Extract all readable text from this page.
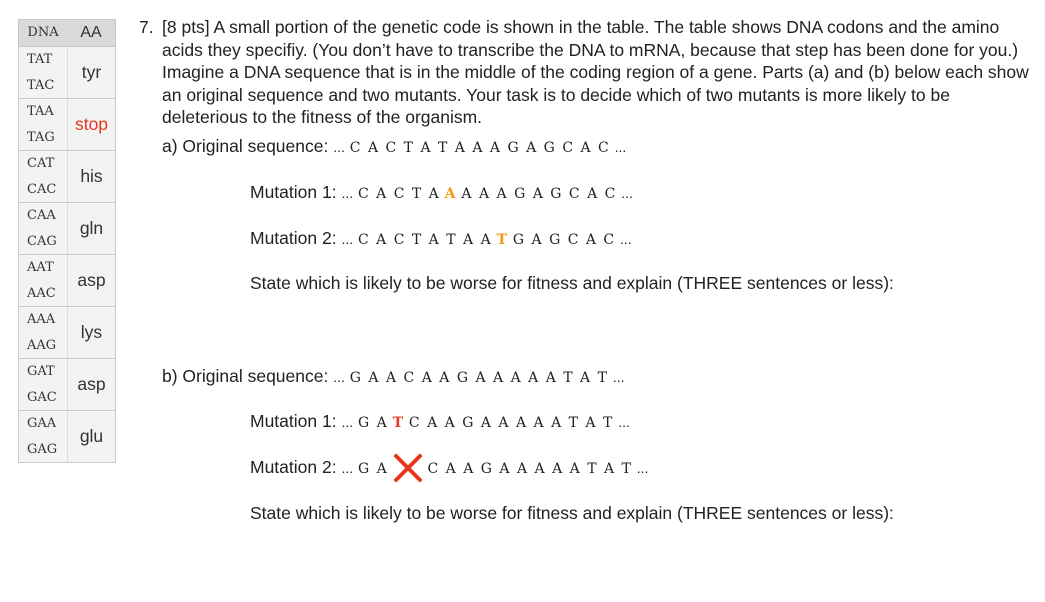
DNA	AA
TAT
TAC
tyr
TAA
TAG
stop
CAT
CAC
his
CAA
CAG
gln
AAT
AAC
asp
AAA
AAG
lys
GAT
GAC
asp
GAA
GAG
glu
7. [8 pts] A small portion of the genetic code is shown in the table. The table shows DNA codons and the amino acids they specifiy. (You don’t have to transcribe the DNA to mRNA, because that step has been done for you.) Imagine a DNA sequence that is in the middle of the coding region of a gene. Parts (a) and (b) below each show an original sequence and two mutants. Your task is to decide which of two mutants is more likely to be deleterious to the fitness of the organism.
a) Original sequence: ... C A C T A T A A A G A G C A C ...
Mutation 1: ... C A C T A A A A A G A G C A C ...
Mutation 2: ... C A C T A T A A T G A G C A C ...
State which is likely to be worse for fitness and explain (THREE sentences or less):
b) Original sequence: ... G A A C A A G A A A A A T A T ...
Mutation 1: ... G A T C A A G A A A A A T A T ...
Mutation 2: ... G A	C A A G A A A A A T A T ...
State which is likely to be worse for fitness and explain (THREE sentences or less):
